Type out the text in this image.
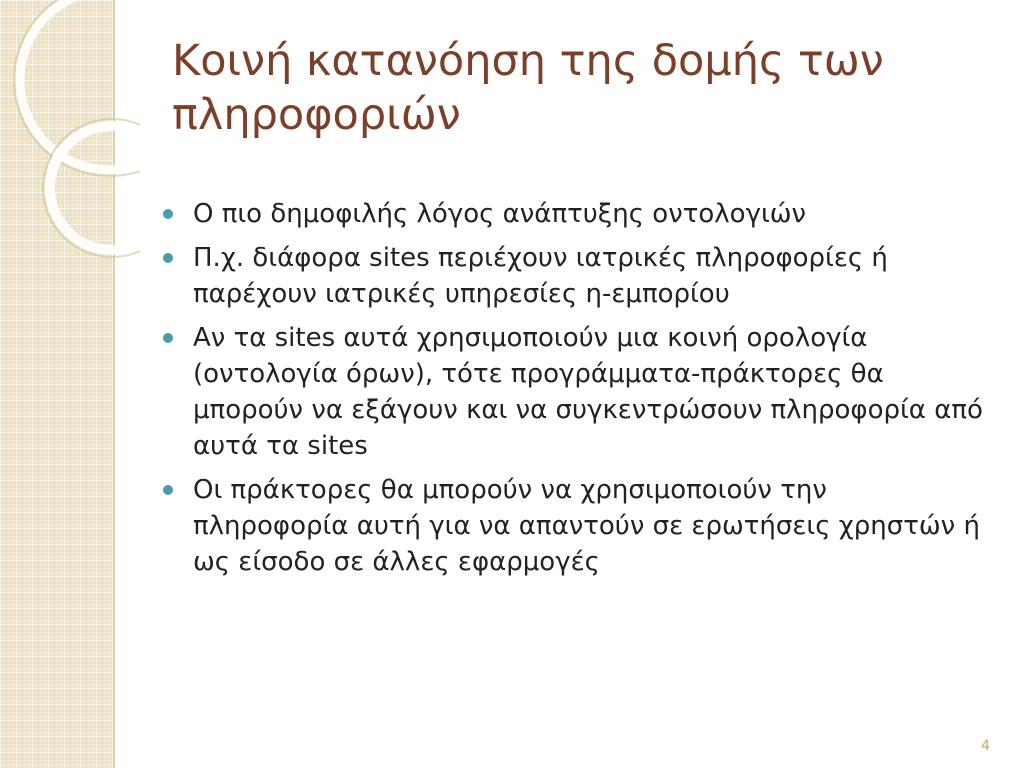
Κοινή κατανόηση της δομής των πληροφοριών
Ο πιο δημοφιλής λόγος ανάπτυξης οντολογιών
Π.χ. διάφορα sites περιέχουν ιατρικές πληροφορίες ή παρέχουν ιατρικές υπηρεσίες η-εμπορίου
Αν τα sites αυτά χρησιμοποιούν μια κοινή ορολογία (οντολογία όρων), τότε προγράμματα-πράκτορες θα μπορούν να εξάγουν και να συγκεντρώσουν πληροφορία από αυτά τα sites
Οι πράκτορες θα μπορούν να χρησιμοποιούν την πληροφορία αυτή για να απαντούν σε ερωτήσεις χρηστών ή ως είσοδο σε άλλες εφαρμογές
4
